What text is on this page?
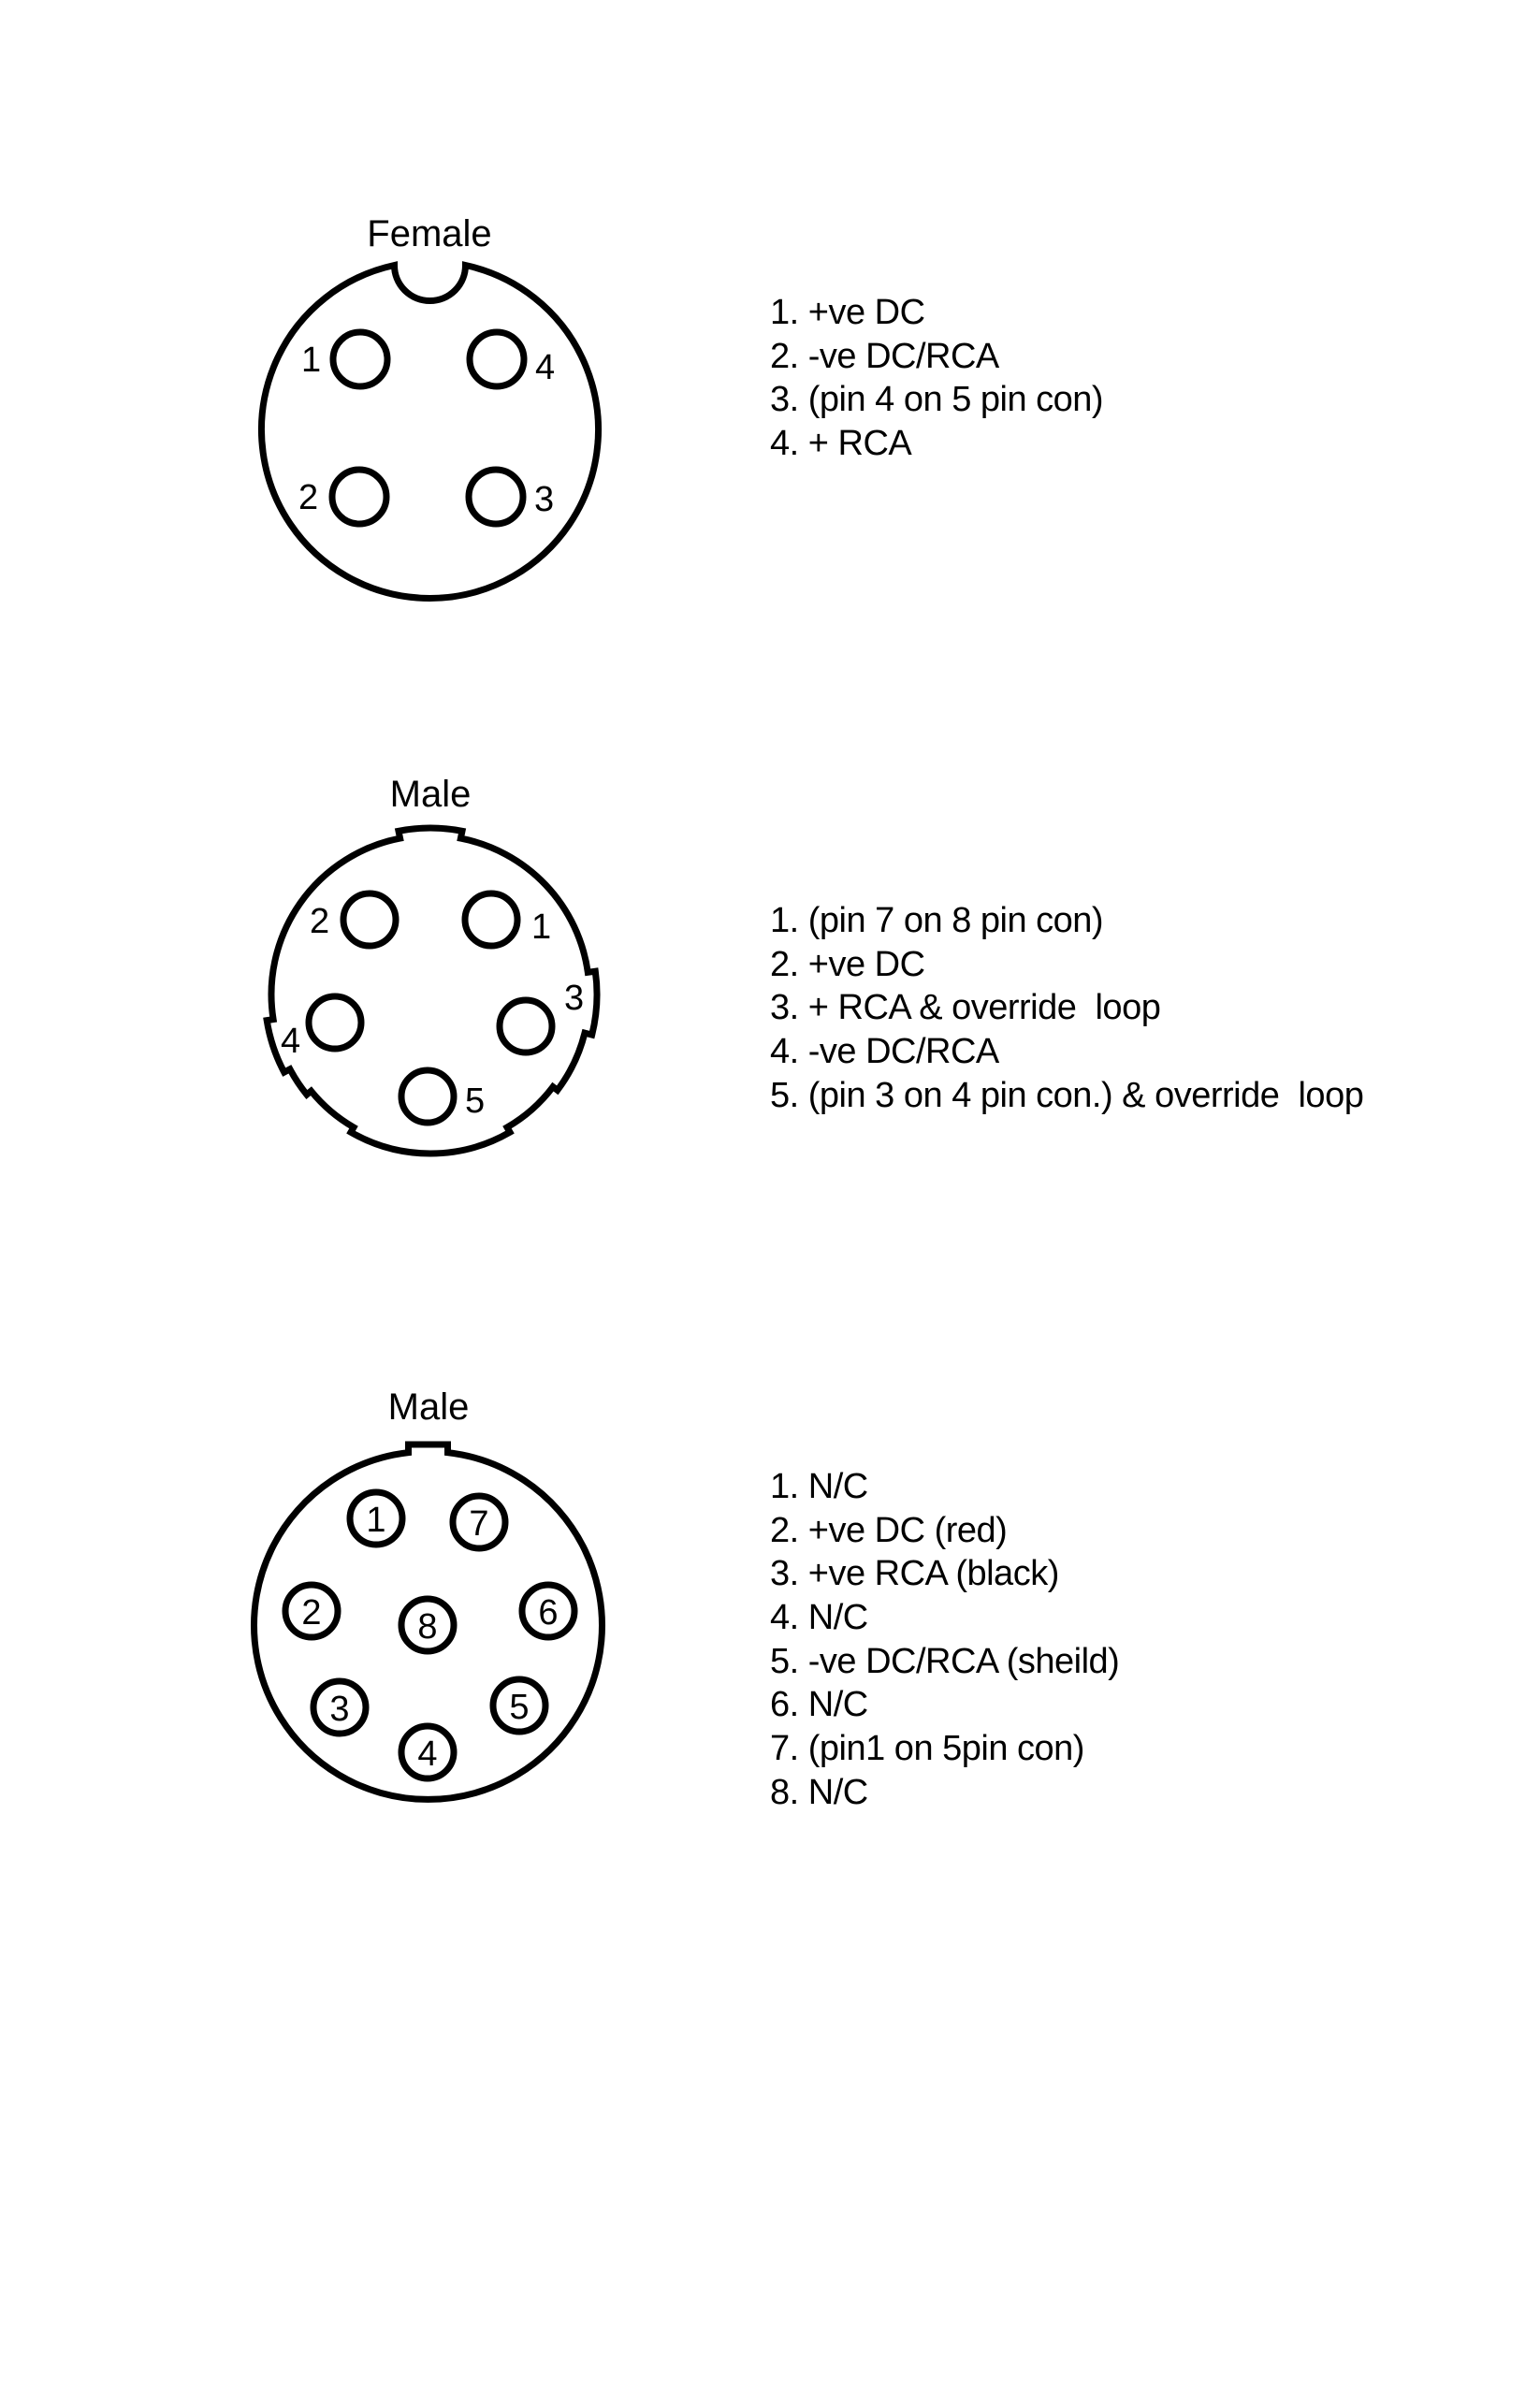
Female
1	4
2	3
Male
2	1
4
3
5
Male
1 7
2	8	6
3	5
4
1. +ve DC
2. -ve DC/RCA
3. (pin 4 on 5 pin con)
4. + RCA
1. (pin 7 on 8 pin con)
2. +ve DC
3. + RCA & override  loop
4. -ve DC/RCA
5. (pin 3 on 4 pin con.) & override  loop
1. N/C
2. +ve DC (red)
3. +ve RCA (black)
4. N/C
5. -ve DC/RCA (sheild)
6. N/C
7. (pin1 on 5pin con)
8. N/C
